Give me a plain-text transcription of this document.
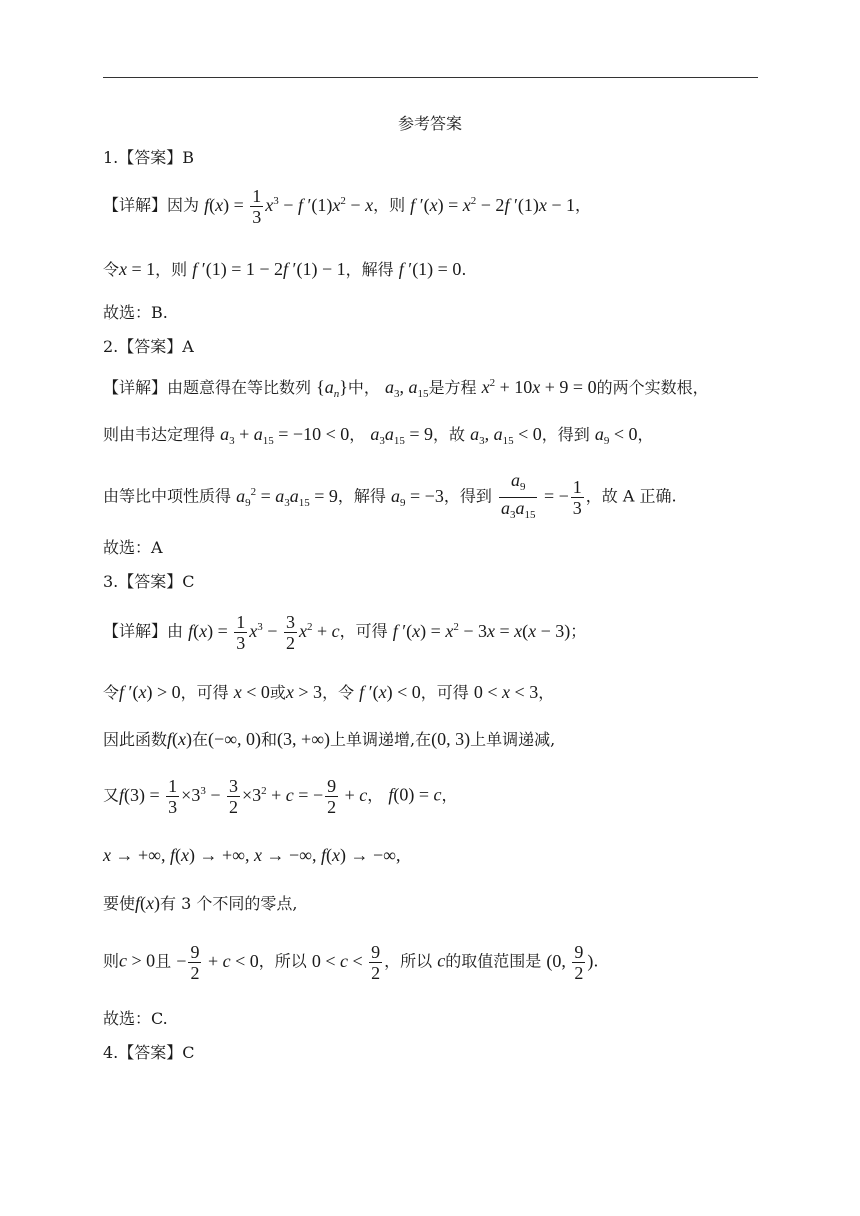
参考答案
1.【答案】B
【详解】因为 $f(x) = \frac{1}{3} x^3 - f$ $'(1)x^2 - x$，则 f $'(x) = x^2 - 2f$ ′(1)x − 1，
令x = 1，则 f ′(1) = 1 − 2f ′(1) − 1，解得 f ′(1) = 0.
故选：B.
2.【答案】A
【详解】由题意得在等比数列 $\{a_n\}$中， $a_3$, $a_{15}$是方程 $x^2 + 10x + 9 = 0$的两个实数根，
则由韦达定理得 $a_3 + a_{15} = -10 < 0$， $a_3a_{15} = 9$，故 $a_3$, $a_{15} < 0$，得到 $a_9 < 0$，
由等比中项性质得 $a_9^2 = a_3a_{15} = 9$，解得 $a_9 = -3$，得到 $\frac{a_9}{a_3a_{15}}$ = − $\frac{1}{3}$ ，故 A 正确.
故选：A
3.【答案】C
【详解】由 $f(x) = \frac{1}{3} x^3 - \frac{3}{2} x^2 + c$，可得 f $'(x) = x^2 - 3x = x(x - 3)$；
令f ′(x) > 0，可得 x < 0或x > 3，令 f ′(x) < 0，可得 0 < x < 3，
因此函数f(x)在(−∞, 0)和(3, +∞)上单调递增,在(0, 3)上单调递减,
又$f(3) = \frac{1}{3} \times 3^3 - \frac{3}{2} \times 3^2 + c$ = − $\frac{9}{2} + c$， f(0) = c，
x → +∞, f(x) → +∞, x → −∞, f(x) → −∞,
要使f(x)有 3 个不同的零点,
则c > 0且 − $\frac{9}{2} + c < 0$，所以 $0 < c < \frac{9}{2}$ ，所以 c的取值范围是 (0, $\frac{9}{2}$ ).
故选：C.
4.【答案】C
